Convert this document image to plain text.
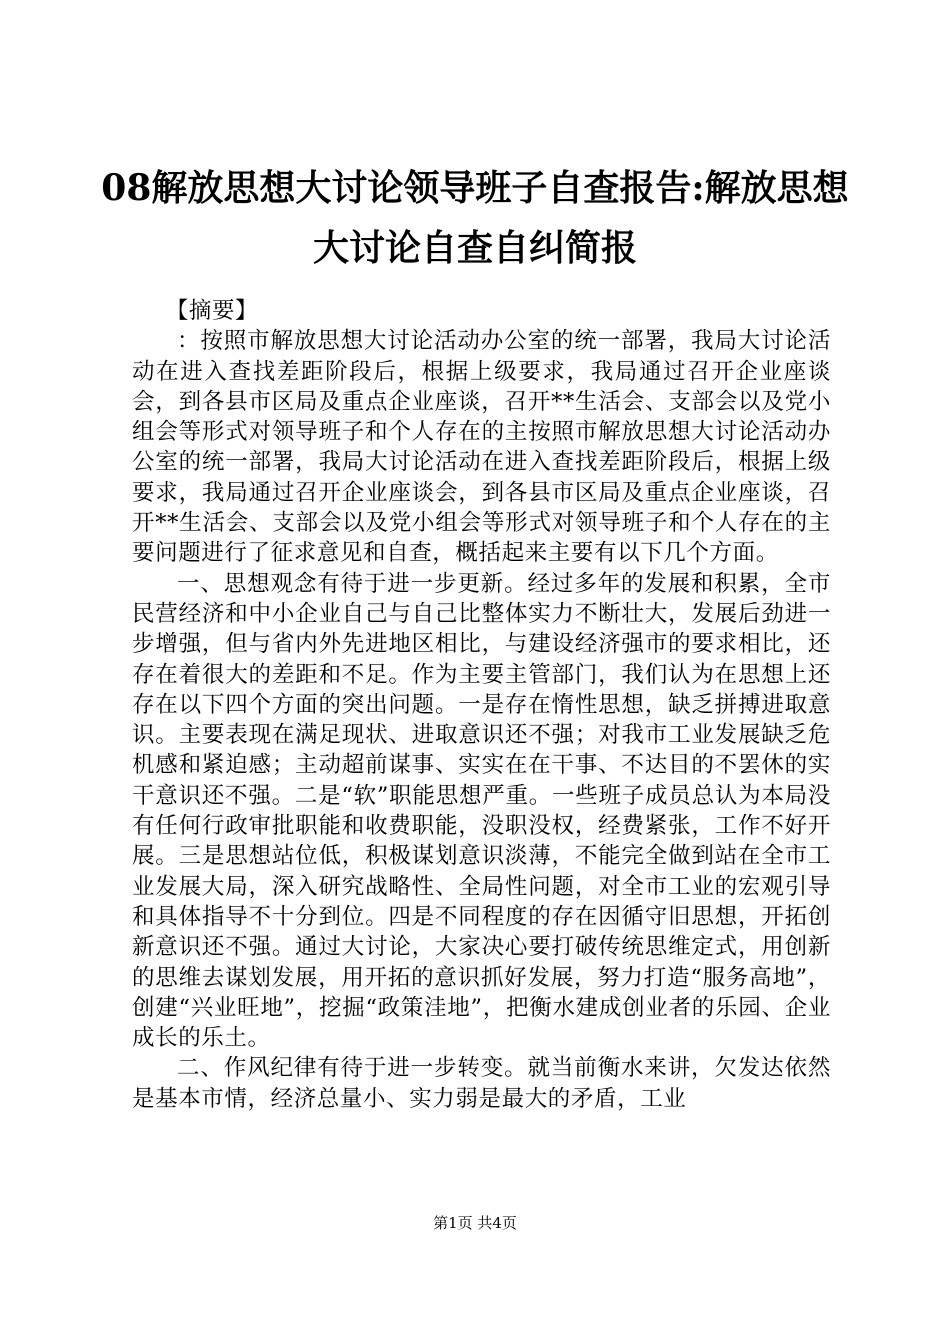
08解放思想大讨论领导班子自查报告:解放思想大讨论自查自纠简报

【摘要】

：按照市解放思想大讨论活动办公室的统一部署，我局大讨论活动在进入查找差距阶段后，根据上级要求，我局通过召开企业座谈会，到各县市区局及重点企业座谈，召开**生活会、支部会以及党小组会等形式对领导班子和个人存在的主按照市解放思想大讨论活动办公室的统一部署，我局大讨论活动在进入查找差距阶段后，根据上级要求，我局通过召开企业座谈会，到各县市区局及重点企业座谈，召开**生活会、支部会以及党小组会等形式对领导班子和个人存在的主要问题进行了征求意见和自查，概括起来主要有以下几个方面。

一、思想观念有待于进一步更新。经过多年的发展和积累，全市民营经济和中小企业自己与自己比整体实力不断壮大，发展后劲进一步增强，但与省内外先进地区相比，与建设经济强市的要求相比，还存在着很大的差距和不足。作为主要主管部门，我们认为在思想上还存在以下四个方面的突出问题。一是存在惰性思想，缺乏拼搏进取意识。主要表现在满足现状、进取意识还不强；对我市工业发展缺乏危机感和紧迫感；主动超前谋事、实实在在干事、不达目的不罢休的实干意识还不强。二是“软”职能思想严重。一些班子成员总认为本局没有任何行政审批职能和收费职能，没职没权，经费紧张，工作不好开展。三是思想站位低，积极谋划意识淡薄，不能完全做到站在全市工业发展大局，深入研究战略性、全局性问题，对全市工业的宏观引导和具体指导不十分到位。四是不同程度的存在因循守旧思想，开拓创新意识还不强。通过大讨论，大家决心要打破传统思维定式，用创新的思维去谋划发展，用开拓的意识抓好发展，努力打造“服务高地”，创建“兴业旺地”，挖掘“政策洼地”，把衡水建成创业者的乐园、企业成长的乐土。

二、作风纪律有待于进一步转变。就当前衡水来讲，欠发达依然是基本市情，经济总量小、实力弱是最大的矛盾，工业

第1页 共4页
